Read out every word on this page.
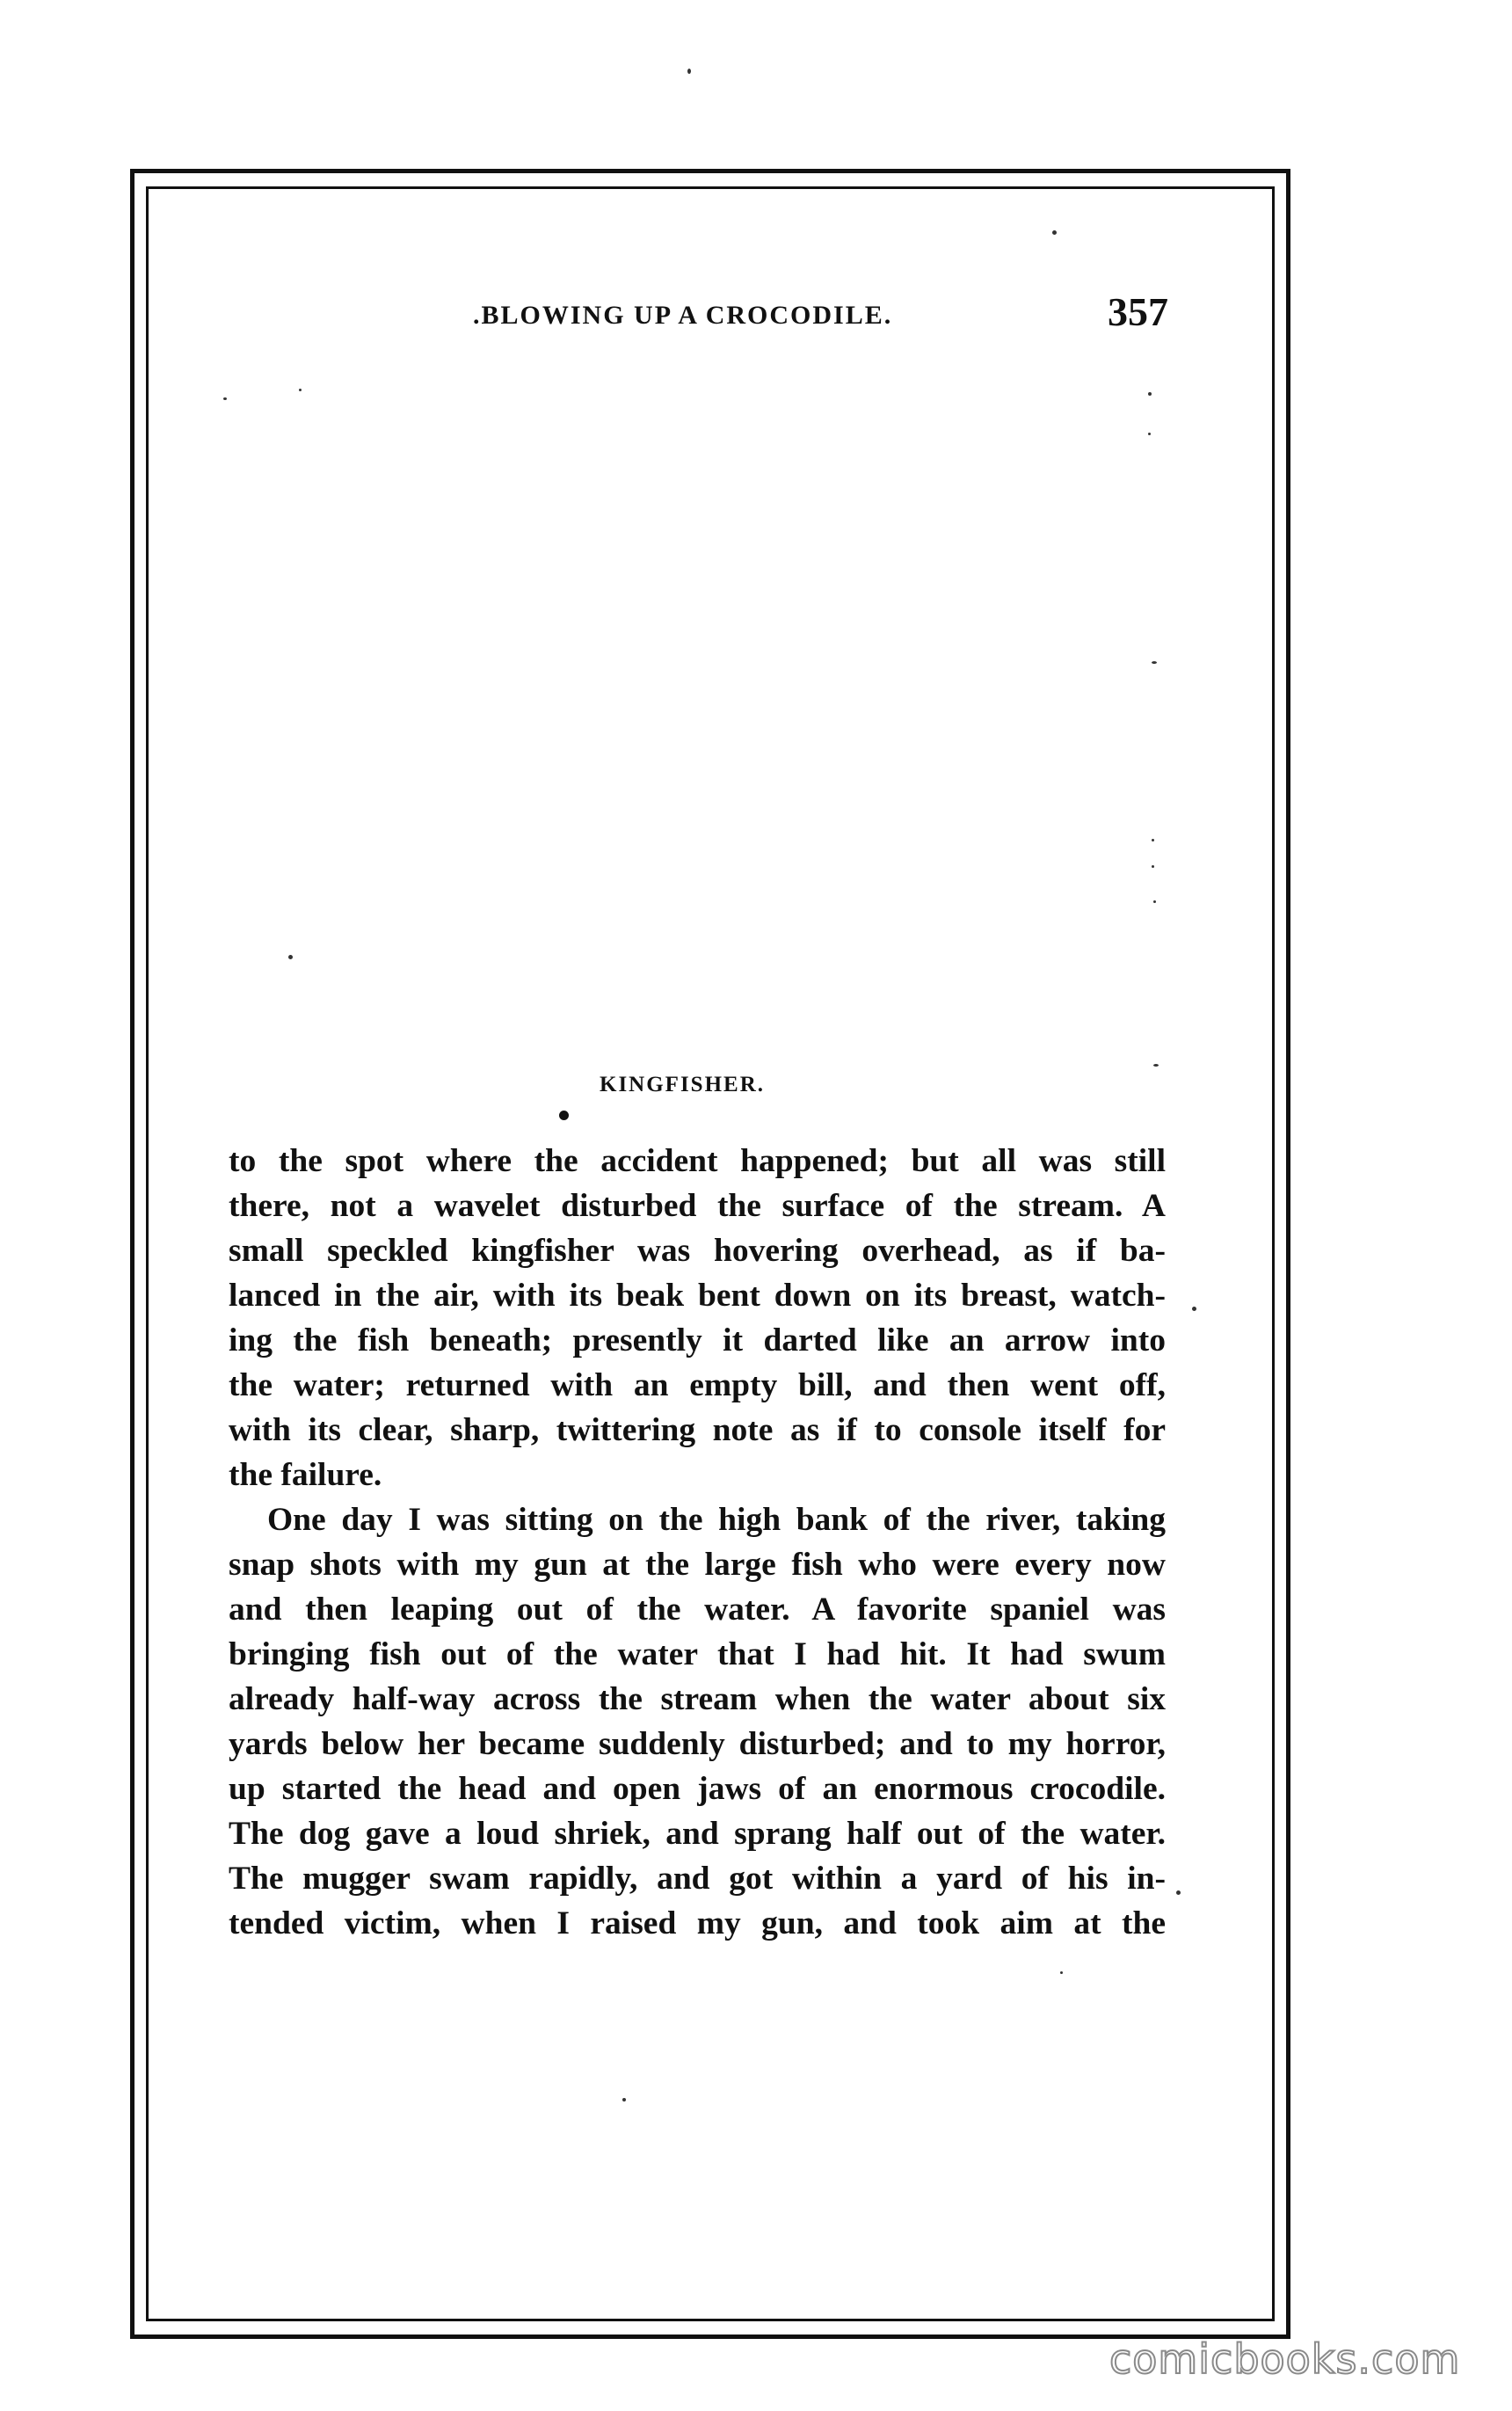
.BLOWING UP A CROCODILE.	357
KINGFISHER.
to the spot where the accident happened; but all was still
there, not a wavelet disturbed the surface of the stream. A
small speckled kingfisher was hovering overhead, as if ba-
lanced in the air, with its beak bent down on its breast, watch-
ing the fish beneath; presently it darted like an arrow into
the water; returned with an empty bill, and then went off,
with its clear, sharp, twittering note as if to console itself for
the failure.
One day I was sitting on the high bank of the river, taking
snap shots with my gun at the large fish who were every now
and then leaping out of the water. A favorite spaniel was
bringing fish out of the water that I had hit. It had swum
already half-way across the stream when the water about six
yards below her became suddenly disturbed; and to my horror,
up started the head and open jaws of an enormous crocodile.
The dog gave a loud shriek, and sprang half out of the water.
The mugger swam rapidly, and got within a yard of his in-
tended victim, when I raised my gun, and took aim at the
comicbooks.com
